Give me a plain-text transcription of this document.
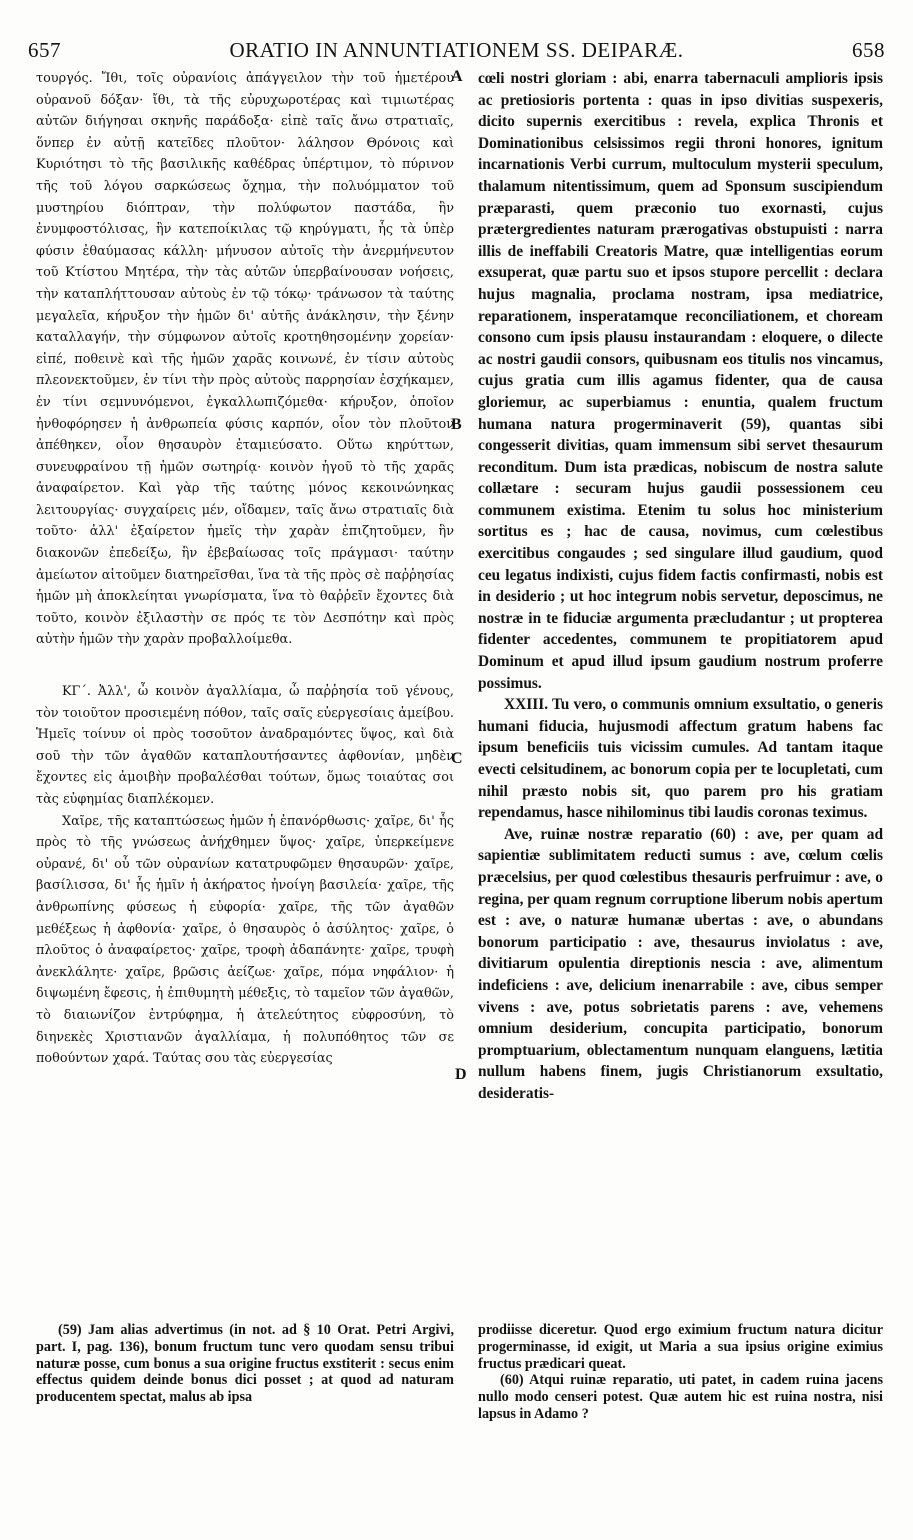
657	ORATIO IN ANNUNTIATIONEM SS. DEIPARÆ.	658

τουργός. Ἴθι, τοῖς οὐρανίοις ἀπάγγειλον τὴν τοῦ ἡμετέρου οὐρανοῦ δόξαν· ἴθι, τὰ τῆς εὐρυχωροτέρας καὶ τιμιωτέρας αὐτῶν διήγησαι σκηνῆς παράδοξα· εἰπὲ ταῖς ἄνω στρατιαῖς, ὅνπερ ἐν αὐτῇ κατεῖδες πλοῦτον· λάλησον Θρόνοις καὶ Κυριότησι τὸ τῆς βασιλικῆς καθέδρας ὑπέρτιμον, τὸ πύρινον τῆς τοῦ λόγου σαρκώσεως ὄχημα, τὴν πολυόμματον τοῦ μυστηρίου διόπτραν, τὴν πολύφωτον παστάδα, ἣν ἐνυμφοστόλισας, ἣν κατεποίκιλας τῷ κηρύγματι, ἧς τὰ ὑπὲρ φύσιν ἐθαύμασας κάλλη· μήνυσον αὐτοῖς τὴν ἀνερμήνευτον τοῦ Κτίστου Μητέρα, τὴν τὰς αὐτῶν ὑπερβαίνουσαν νοήσεις, τὴν καταπλήττουσαν αὐτοὺς ἐν τῷ τόκῳ· τράνωσον τὰ ταύτης μεγαλεῖα, κήρυξον τὴν ἡμῶν δι' αὐτῆς ἀνάκλησιν, τὴν ξένην καταλλαγήν, τὴν σύμφωνον αὐτοῖς κροτηθησομένην χορείαν· εἰπέ, ποθεινὲ καὶ τῆς ἡμῶν χαρᾶς κοινωνέ, ἐν τίσιν αὐτοὺς πλεονεκτοῦμεν, ἐν τίνι τὴν πρὸς αὐτοὺς παρρησίαν ἐσχήκαμεν, ἐν τίνι σεμνυνόμενοι, ἐγκαλλωπιζόμεθα· κήρυξον, ὁποῖον ἠνθοφόρησεν ἡ ἀνθρωπεία φύσις καρπόν, οἷον τὸν πλοῦτον ἀπέθηκεν, οἷον θησαυρὸν ἐταμιεύσατο. Οὕτω κηρύττων, συνευφραίνου τῇ ἡμῶν σωτηρίᾳ· κοινὸν ἡγοῦ τὸ τῆς χαρᾶς ἀναφαίρετον. Καὶ γὰρ τῆς ταύτης μόνος κεκοινώνηκας λειτουργίας· συγχαίρεις μέν, οἴδαμεν, ταῖς ἄνω στρατιαῖς διὰ τοῦτο· ἀλλ' ἐξαίρετον ἡμεῖς τὴν χαρὰν ἐπιζητοῦμεν, ἣν διακονῶν ἐπεδείξω, ἣν ἐβεβαίωσας τοῖς πράγμασι· ταύτην ἀμείωτον αἰτοῦμεν διατηρεῖσθαι, ἵνα τὰ τῆς πρὸς σὲ παῤῥησίας ἡμῶν μὴ ἀποκλείηται γνωρίσματα, ἵνα τὸ θαῤῥεῖν ἔχοντες διὰ τοῦτο, κοινὸν ἐξιλαστὴν σε πρός τε τὸν Δεσπότην καὶ πρὸς αὐτὴν ἡμῶν τὴν χαρὰν προβαλλοίμεθα.

ΚΓ΄. Ἀλλ', ὦ κοινὸν ἀγαλλίαμα, ὦ παῤῥησία τοῦ γένους, τὸν τοιοῦτον προσιεμένη πόθον, ταῖς σαῖς εὐεργεσίαις ἀμείβου. Ἡμεῖς τοίνυν οἱ πρὸς τοσοῦτον ἀναδραμόντες ὕψος, καὶ διὰ σοῦ τὴν τῶν ἀγαθῶν καταπλουτήσαντες ἀφθονίαν, μηδὲν ἔχοντες εἰς ἀμοιβὴν προβαλέσθαι τούτων, ὅμως τοιαύτας σοι τὰς εὐφημίας διαπλέκομεν.

Χαῖρε, τῆς καταπτώσεως ἡμῶν ἡ ἐπανόρθωσις· χαῖρε, δι' ἧς πρὸς τὸ τῆς γνώσεως ἀνήχθημεν ὕψος· χαῖρε, ὑπερκείμενε οὐρανέ, δι' οὗ τῶν οὐρανίων κατατρυφῶμεν θησαυρῶν· χαῖρε, βασίλισσα, δι' ἧς ἡμῖν ἡ ἀκήρατος ἠνοίγη βασιλεία· χαῖρε, τῆς ἀνθρωπίνης φύσεως ἡ εὐφορία· χαῖρε, τῆς τῶν ἀγαθῶν μεθέξεως ἡ ἀφθονία· χαῖρε, ὁ θησαυρὸς ὁ ἀσύλητος· χαῖρε, ὁ πλοῦτος ὁ ἀναφαίρετος· χαῖρε, τροφὴ ἀδαπάνητε· χαῖρε, τρυφὴ ἀνεκλάλητε· χαῖρε, βρῶσις ἀείζωε· χαῖρε, πόμα νηφάλιον· ἡ διψωμένη ἔφεσις, ἡ ἐπιθυμητὴ μέθεξις, τὸ ταμεῖον τῶν ἀγαθῶν, τὸ διαιωνίζον ἐντρύφημα, ἡ ἀτελεύτητος εὐφροσύνη, τὸ διηνεκὲς Χριστιανῶν ἀγαλλίαμα, ἡ πολυπόθητος τῶν σε ποθούντων χαρά. Ταύτας σου τὰς εὐεργεσίας

A
B
C
D

cœli nostri gloriam : abi, enarra tabernaculi amplioris ipsis ac pretiosioris portenta : quas in ipso divitias suspexeris, dicito supernis exercitibus : revela, explica Thronis et Dominationibus celsissimos regii throni honores, ignitum incarnationis Verbi currum, multoculum mysterii speculum, thalamum nitentissimum, quem ad Sponsum suscipiendum præparasti, quem præconio tuo exornasti, cujus prætergredientes naturam prærogativas obstupuisti : narra illis de ineffabili Creatoris Matre, quæ intelligentias eorum exsuperat, quæ partu suo et ipsos stupore percellit : declara hujus magnalia, proclama nostram, ipsa mediatrice, reparationem, insperatamque reconciliationem, et choream consono cum ipsis plausu instaurandam : eloquere, o dilecte ac nostri gaudii consors, quibusnam eos titulis nos vincamus, cujus gratia cum illis agamus fidenter, qua de causa gloriemur, ac superbiamus : enuntia, qualem fructum humana natura progerminaverit (59), quantas sibi congesserit divitias, quam immensum sibi servet thesaurum reconditum. Dum ista prædicas, nobiscum de nostra salute collætare : securam hujus gaudii possessionem ceu communem existima. Etenim tu solus hoc ministerium sortitus es ; hac de causa, novimus, cum cœlestibus exercitibus congaudes ; sed singulare illud gaudium, quod ceu legatus indixisti, cujus fidem factis confirmasti, nobis est in desiderio ; ut hoc integrum nobis servetur, deposcimus, ne nostræ in te fiduciæ argumenta præcludantur ; ut propterea fidenter accedentes, communem te propitiatorem apud Dominum et apud illud ipsum gaudium nostrum proferre possimus.

XXIII. Tu vero, o communis omnium exsultatio, o generis humani fiducia, hujusmodi affectum gratum habens fac ipsum beneficiis tuis vicissim cumules. Ad tantam itaque evecti celsitudinem, ac bonorum copia per te locupletati, cum nihil præsto nobis sit, quo parem pro his gratiam rependamus, hasce nihilominus tibi laudis coronas teximus.

Ave, ruinæ nostræ reparatio (60) : ave, per quam ad sapientiæ sublimitatem reducti sumus : ave, cœlum cœlis præcelsius, per quod cœlestibus thesauris perfruimur : ave, o regina, per quam regnum corruptione liberum nobis apertum est : ave, o naturæ humanæ ubertas : ave, o abundans bonorum participatio : ave, thesaurus inviolatus : ave, divitiarum opulentia direptionis nescia : ave, alimentum indeficiens : ave, delicium inenarrabile : ave, cibus semper vivens : ave, potus sobrietatis parens : ave, vehemens omnium desiderium, concupita participatio, bonorum promptuarium, oblectamentum nunquam elanguens, lætitia nullum habens finem, jugis Christianorum exsultatio, desideratis-

(59) Jam alias advertimus (in not. ad § 10 Orat. Petri Argivi, part. I, pag. 136), bonum fructum tunc vero quodam sensu tribui naturæ posse, cum bonus a sua origine fructus exstiterit : secus enim effectus quidem deinde bonus dici posset ; at quod ad naturam producentem spectat, malus ab ipsa

prodiisse diceretur. Quod ergo eximium fructum natura dicitur progerminasse, id exigit, ut Maria a sua ipsius origine eximius fructus prædicari queat.

(60) Atqui ruinæ reparatio, uti patet, in cadem ruina jacens nullo modo censeri potest. Quæ autem hic est ruina nostra, nisi lapsus in Adamo ?
